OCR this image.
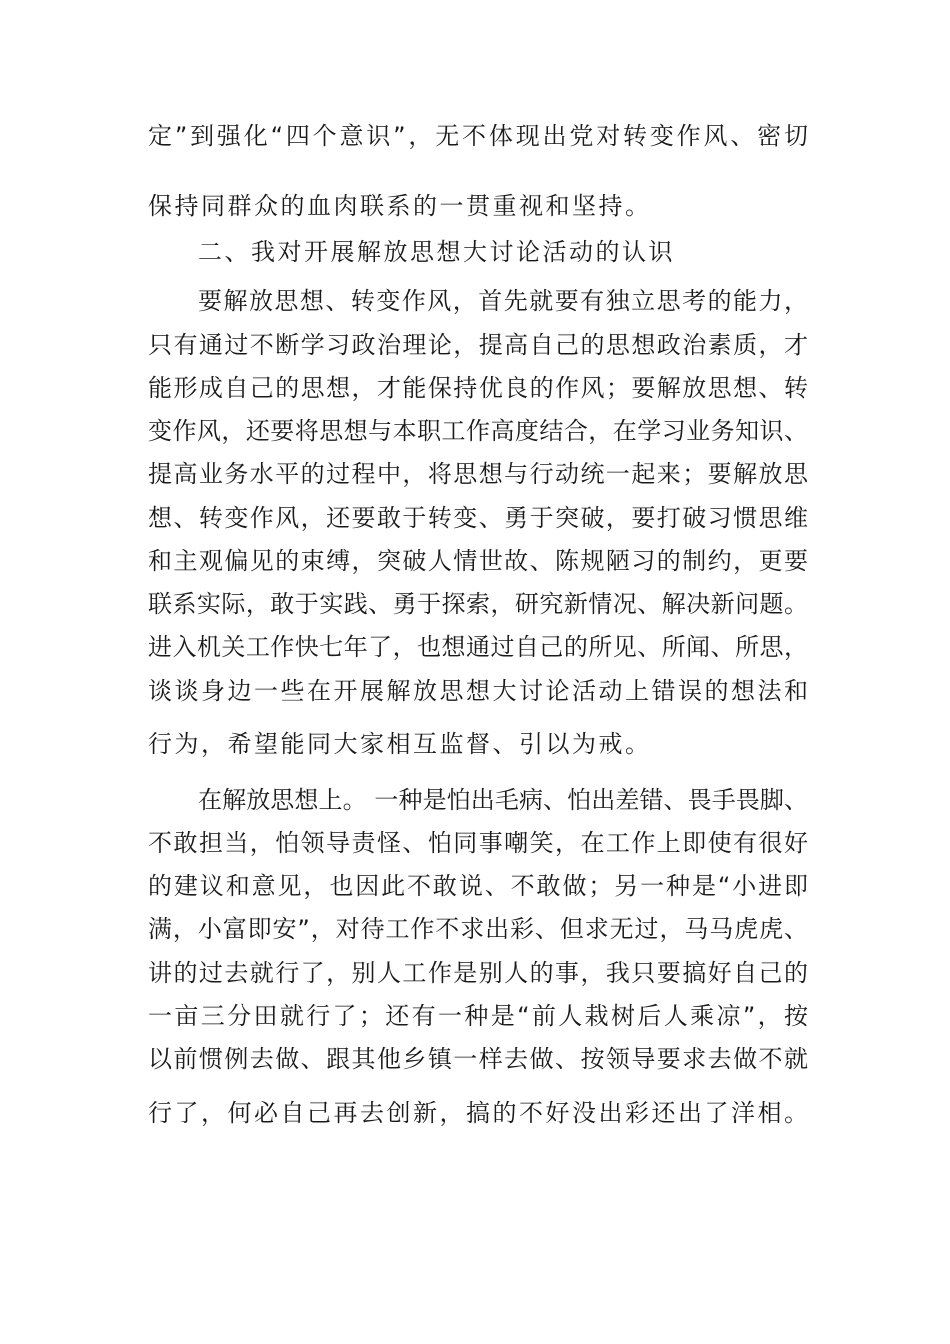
定”到强化“四个意识”，无不体现出党对转变作风、密切
保持同群众的血肉联系的一贯重视和坚持。
二、我对开展解放思想大讨论活动的认识
要解放思想、转变作风，首先就要有独立思考的能力，
只有通过不断学习政治理论，提高自己的思想政治素质，才
能形成自己的思想，才能保持优良的作风；要解放思想、转
变作风，还要将思想与本职工作高度结合，在学习业务知识、
提高业务水平的过程中，将思想与行动统一起来；要解放思
想、转变作风，还要敢于转变、勇于突破，要打破习惯思维
和主观偏见的束缚，突破人情世故、陈规陋习的制约，更要
联系实际，敢于实践、勇于探索，研究新情况、解决新问题。
进入机关工作快七年了，也想通过自己的所见、所闻、所思，
谈谈身边一些在开展解放思想大讨论活动上错误的想法和
行为，希望能同大家相互监督、引以为戒。
在解放思想上。 一种是怕出毛病、怕出差错、畏手畏脚、
不敢担当，怕领导责怪、怕同事嘲笑，在工作上即使有很好
的建议和意见，也因此不敢说、不敢做；另一种是“小进即
满，小富即安”，对待工作不求出彩、但求无过，马马虎虎、
讲的过去就行了，别人工作是别人的事，我只要搞好自己的
一亩三分田就行了；还有一种是“前人栽树后人乘凉”，按
以前惯例去做、跟其他乡镇一样去做、按领导要求去做不就
行了，何必自己再去创新，搞的不好没出彩还出了洋相。
